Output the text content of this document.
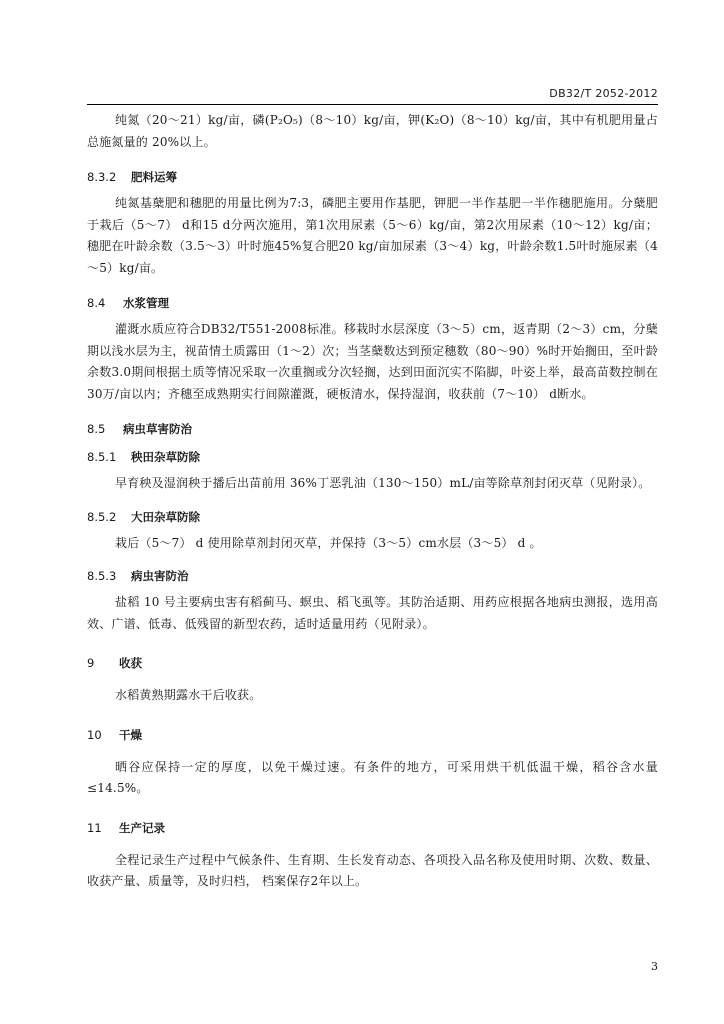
DB32/T 2052-2012

纯氮（20～21）kg/亩，磷(P₂O₅)（8～10）kg/亩，钾(K₂O)（8～10）kg/亩，其中有机肥用量占总施氮量的 20%以上。

8.3.2 肥料运筹

纯氮基蘖肥和穗肥的用量比例为7:3，磷肥主要用作基肥，钾肥一半作基肥一半作穗肥施用。分蘖肥于栽后（5～7） d和15 d分两次施用，第1次用尿素（5～6）kg/亩，第2次用尿素（10～12）kg/亩；穗肥在叶龄余数（3.5～3）叶时施45%复合肥20 kg/亩加尿素（3～4）kg，叶龄余数1.5叶时施尿素（4～5）kg/亩。

8.4 水浆管理

灌溉水质应符合DB32/T551-2008标准。移栽时水层深度（3～5）cm，返青期（2～3）cm，分蘖期以浅水层为主，视苗情土质露田（1～2）次；当茎蘖数达到预定穗数（80～90）%时开始搁田，至叶龄余数3.0期间根据土质等情况采取一次重搁或分次轻搁，达到田面沉实不陷脚，叶姿上举，最高苗数控制在30万/亩以内；齐穗至成熟期实行间隙灌溉，硬板清水，保持湿润，收获前（7～10） d断水。

8.5 病虫草害防治
8.5.1 秧田杂草防除

早育秧及湿润秧于播后出苗前用 36%丁恶乳油（130～150）mL/亩等除草剂封闭灭草（见附录）。

8.5.2 大田杂草防除

栽后（5～7） d 使用除草剂封闭灭草，并保持（3～5）cm水层（3～5） d 。

8.5.3 病虫害防治

盐稻 10 号主要病虫害有稻蓟马、螟虫、稻飞虱等。其防治适期、用药应根据各地病虫测报，选用高效、广谱、低毒、低残留的新型农药，适时适量用药（见附录）。

9 收获

水稻黄熟期露水干后收获。

10 干燥

晒谷应保持一定的厚度，以免干燥过速。有条件的地方，可采用烘干机低温干燥，稻谷含水量≤14.5%。

11 生产记录

全程记录生产过程中气候条件、生育期、生长发育动态、各项投入品名称及使用时期、次数、数量、收获产量、质量等，及时归档， 档案保存2年以上。

3
